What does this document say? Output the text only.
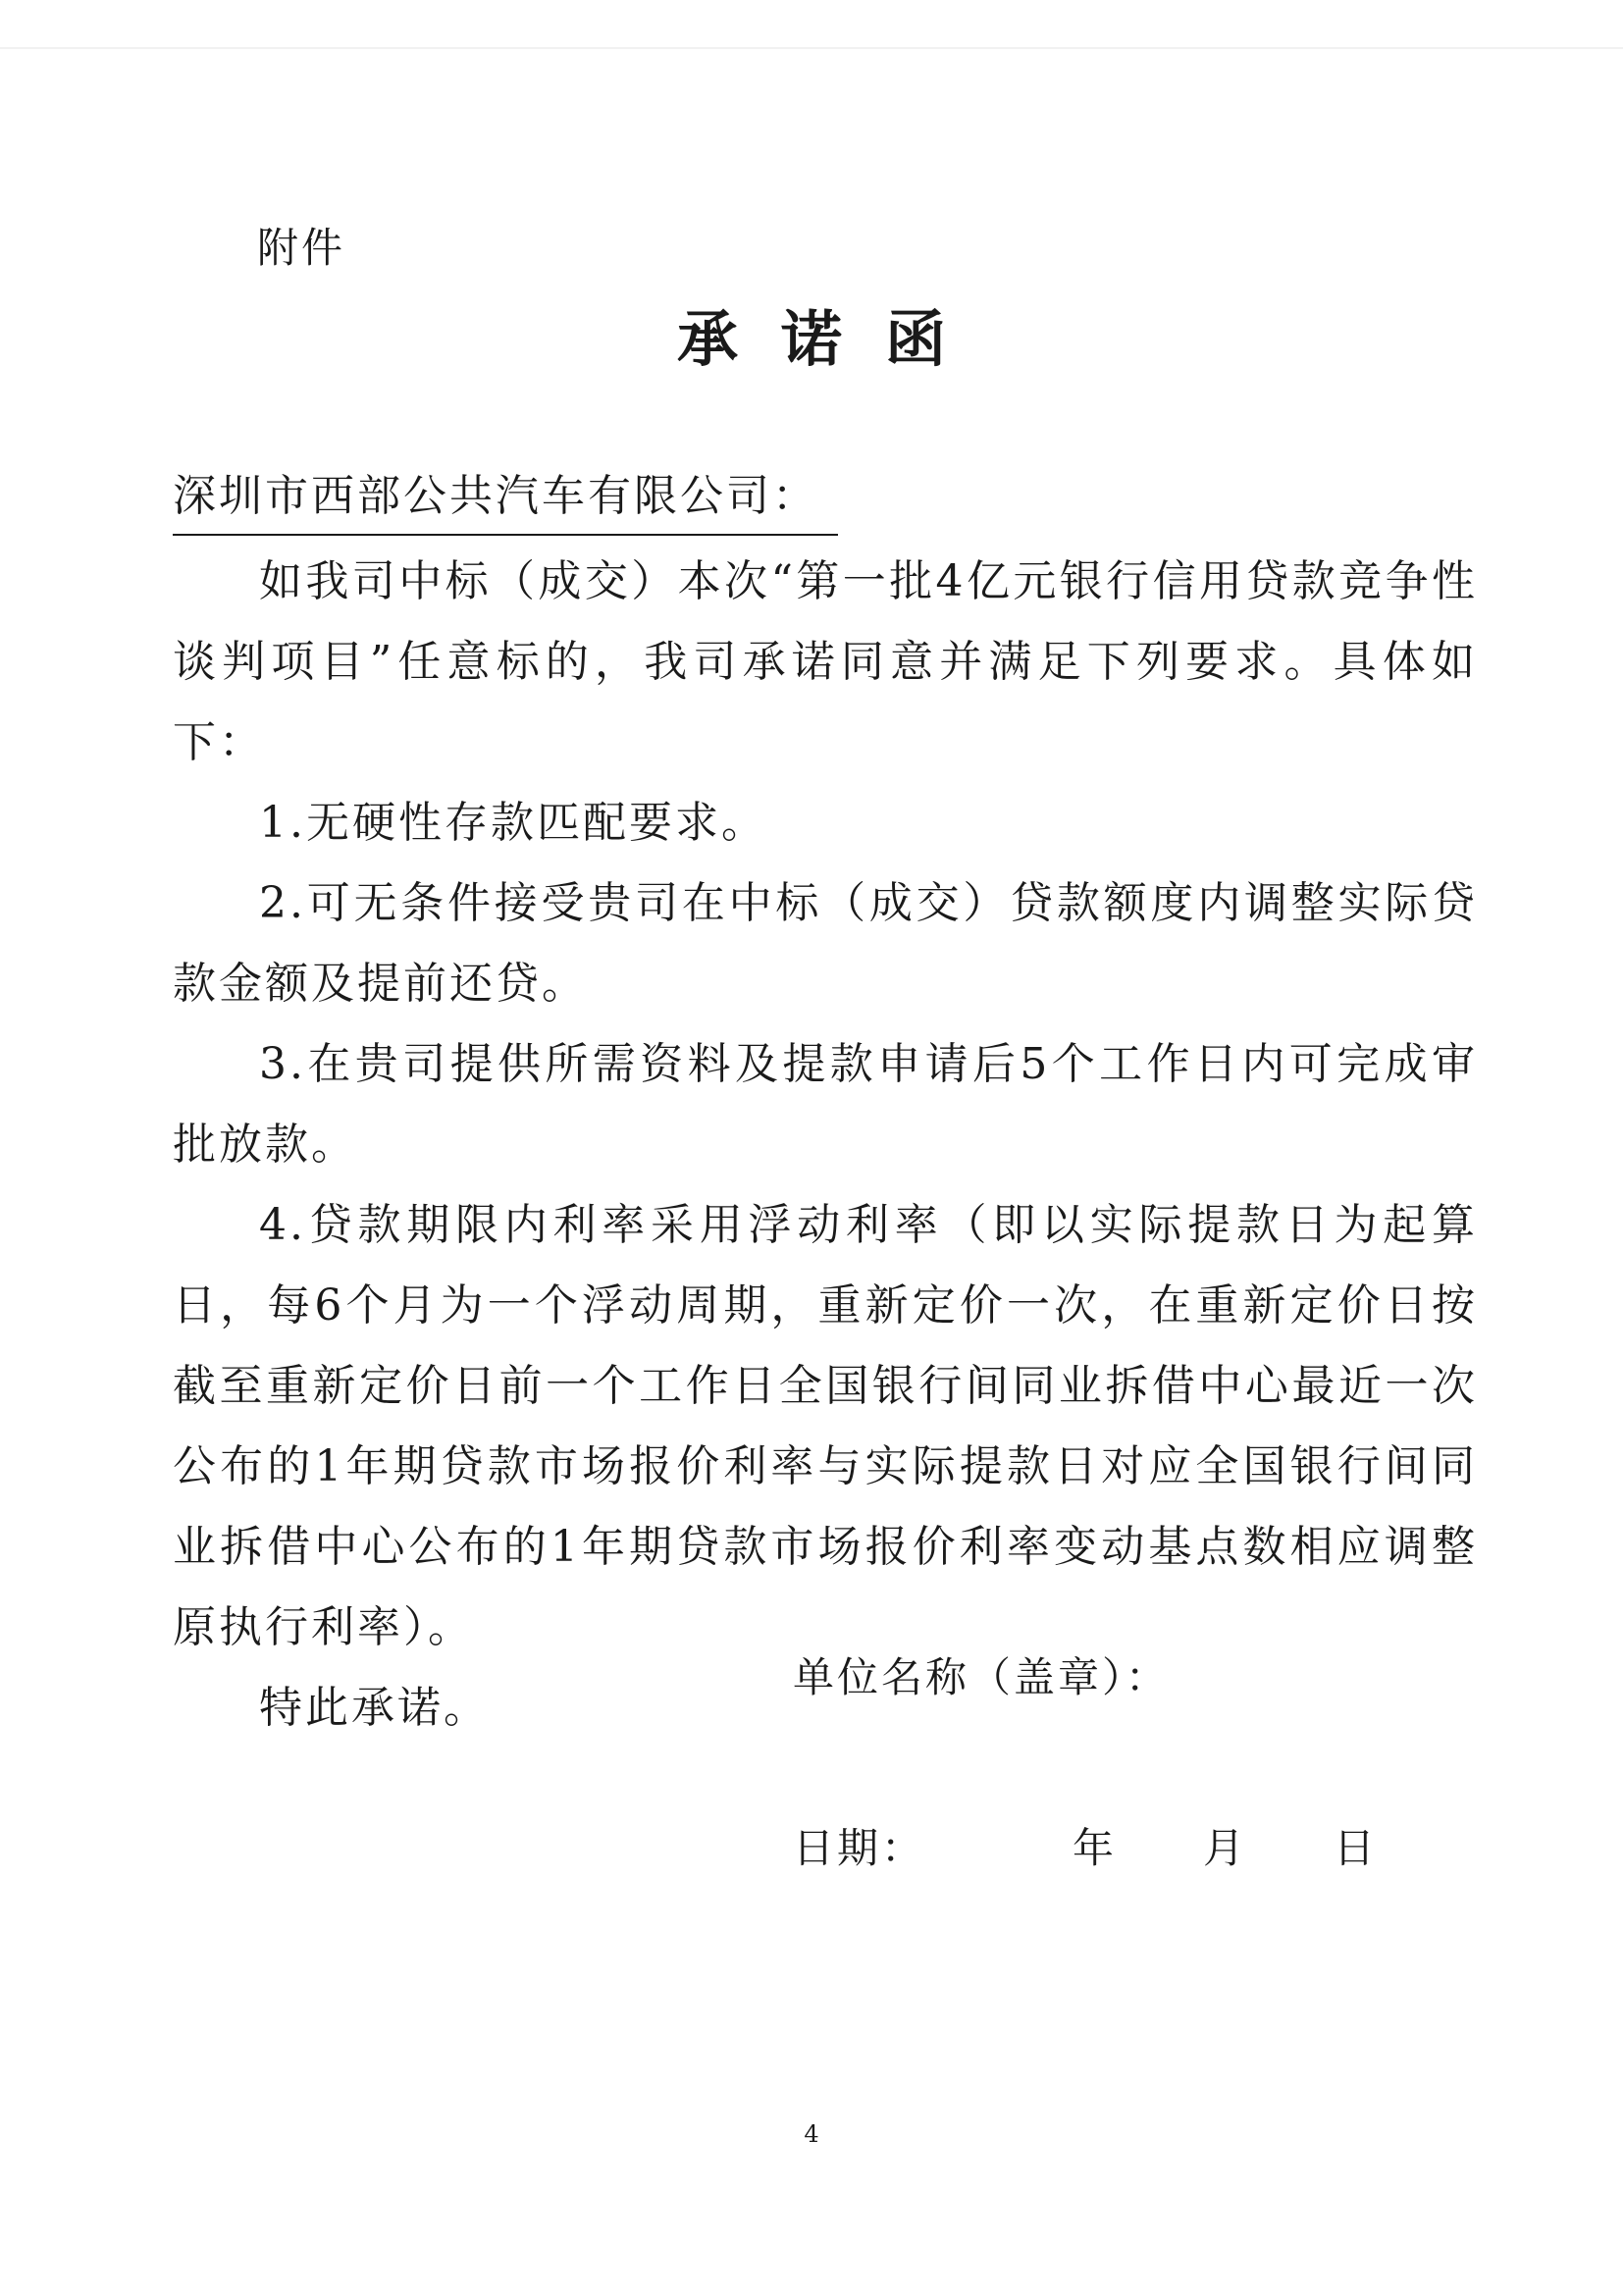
附件
承诺函
深圳市西部公共汽车有限公司：

如我司中标（成交）本次“第一批4亿元银行信用贷款竞争性谈判项目”任意标的，我司承诺同意并满足下列要求。具体如下：

1.无硬性存款匹配要求。

2.可无条件接受贵司在中标（成交）贷款额度内调整实际贷款金额及提前还贷。

3.在贵司提供所需资料及提款申请后5个工作日内可完成审批放款。

4.贷款期限内利率采用浮动利率（即以实际提款日为起算日，每6个月为一个浮动周期，重新定价一次，在重新定价日按截至重新定价日前一个工作日全国银行间同业拆借中心最近一次公布的1年期贷款市场报价利率与实际提款日对应全国银行间同业拆借中心公布的1年期贷款市场报价利率变动基点数相应调整原执行利率）。

特此承诺。

单位名称（盖章）：
日期：	年 月 日
4
